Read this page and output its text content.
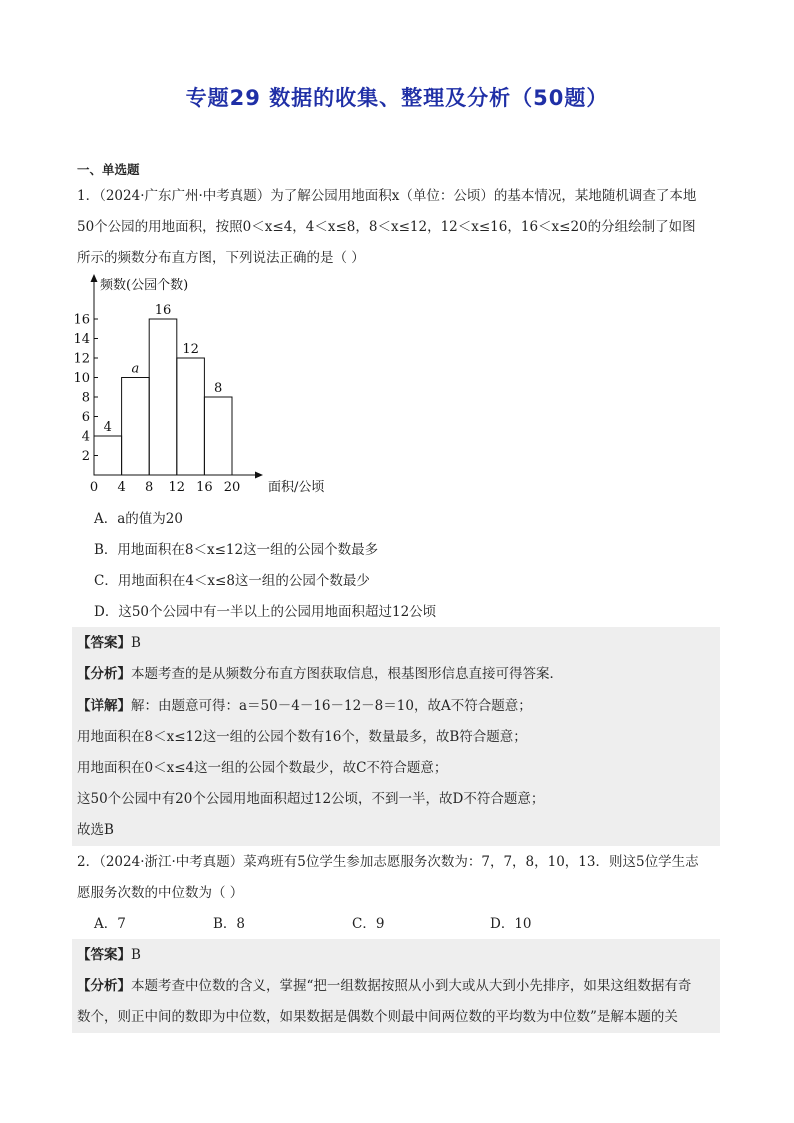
专题29 数据的收集、整理及分析（50题）
一、单选题
1．（2024·广东广州·中考真题）为了解公园用地面积x（单位：公顷）的基本情况，某地随机调查了本地
50个公园的用地面积，按照0＜x≤4，4＜x≤8，8＜x≤12，12＜x≤16，16＜x≤20的分组绘制了如图
所示的频数分布直方图，下列说法正确的是（ ）
4
a
16
12
8
2
4
6
8
10
12
14
16
0 4 8 12 16 20
频数(公园个数)
面积/公顷
A．a的值为20
B．用地面积在8＜x≤12这一组的公园个数最多
C．用地面积在4＜x≤8这一组的公园个数最少
D．这50个公园中有一半以上的公园用地面积超过12公顷
【答案】B
【分析】本题考查的是从频数分布直方图获取信息，根基图形信息直接可得答案．
【详解】解：由题意可得：a＝50－4－16－12－8＝10，故A不符合题意；
用地面积在8＜x≤12这一组的公园个数有16个，数量最多，故B符合题意；
用地面积在0＜x≤4这一组的公园个数最少，故C不符合题意；
这50个公园中有20个公园用地面积超过12公顷，不到一半，故D不符合题意；
故选B
2．（2024·浙江·中考真题）菜鸡班有5位学生参加志愿服务次数为：7，7，8，10，13．则这5位学生志
愿服务次数的中位数为（ ）
A．7	B．8	C．9	D．10
【答案】B
【分析】本题考查中位数的含义，掌握“把一组数据按照从小到大或从大到小先排序，如果这组数据有奇
数个，则正中间的数即为中位数，如果数据是偶数个则最中间两位数的平均数为中位数”是解本题的关
